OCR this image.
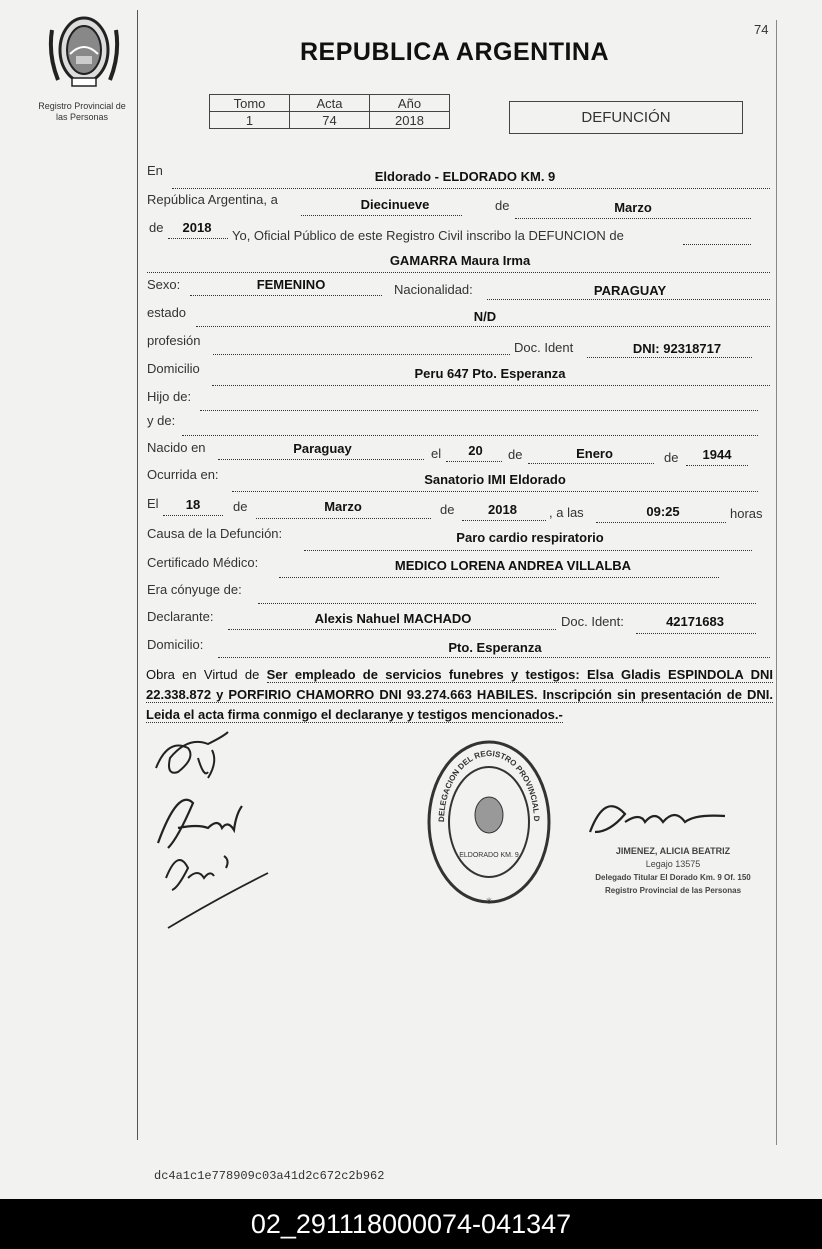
74
Registro Provincial de
las Personas
REPUBLICA ARGENTINA
Tomo	Acta	Año
1	74	2018	DEFUNCIÓN
En	Eldorado - ELDORADO KM. 9
República Argentina, a	Diecinueve	de	Marzo
de	2018
Yo, Oficial Público de este Registro Civil inscribo la DEFUNCION de
GAMARRA Maura Irma
Sexo:	FEMENINO	Nacionalidad:	PARAGUAY
estado	N/D
profesión	Doc. Ident	DNI: 92318717
Domicilio	Peru 647 Pto. Esperanza
Hijo de:
y de:
Nacido en	Paraguay	el	20	de	Enero	de	1944
Ocurrida en:	Sanatorio IMI Eldorado
El	18	de	Marzo	de	2018	, a las	09:25	horas
Causa de la Defunción:	Paro cardio respiratorio
Certificado Médico:	MEDICO LORENA ANDREA VILLALBA
Era cónyuge de:
Declarante:	Alexis Nahuel MACHADO	Doc. Ident:	42171683
Domicilio:	Pto. Esperanza
Obra en Virtud de Ser empleado de servicios funebres y testigos: Elsa Gladis ESPINDOLA DNI 22.338.872 y PORFIRIO CHAMORRO DNI 93.274.663 HABILES. Inscripción sin presentación de DNI. Leida el acta firma conmigo el declaranye y testigos mencionados.-
DELEGACION DEL REGISTRO PROVINCIAL D
ELDORADO KM. 9
✳
JIMENEZ, ALICIA BEATRIZ
Legajo 13575
Delegado Titular El Dorado Km. 9 Of. 150
Registro Provincial de las Personas
dc4a1c1e778909c03a41d2c672c2b962
02_291118000074-041347
